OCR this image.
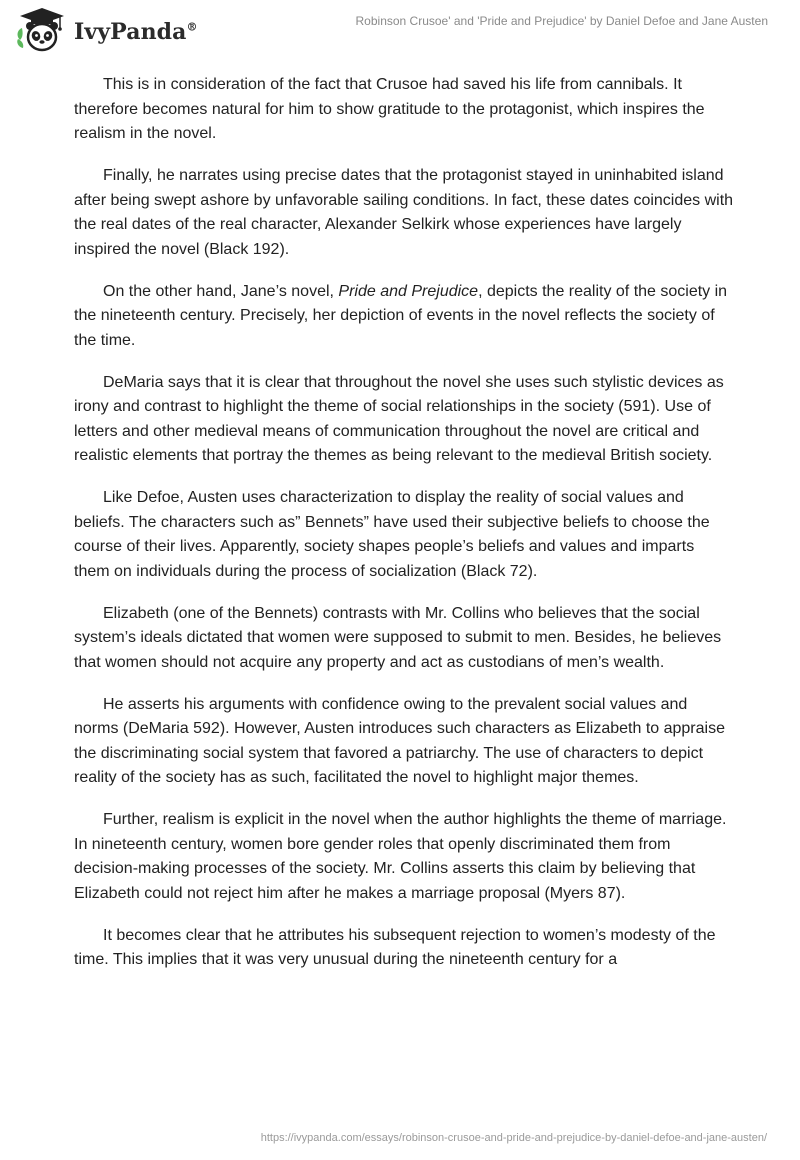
IvyPanda®	Robinson Crusoe' and 'Pride and Prejudice' by Daniel Defoe and Jane Austen

This is in consideration of the fact that Crusoe had saved his life from cannibals. It therefore becomes natural for him to show gratitude to the protagonist, which inspires the realism in the novel.

Finally, he narrates using precise dates that the protagonist stayed in uninhabited island after being swept ashore by unfavorable sailing conditions. In fact, these dates coincides with the real dates of the real character, Alexander Selkirk whose experiences have largely inspired the novel (Black 192).

On the other hand, Jane’s novel, Pride and Prejudice, depicts the reality of the society in the nineteenth century. Precisely, her depiction of events in the novel reflects the society of the time.

DeMaria says that it is clear that throughout the novel she uses such stylistic devices as irony and contrast to highlight the theme of social relationships in the society (591). Use of letters and other medieval means of communication throughout the novel are critical and realistic elements that portray the themes as being relevant to the medieval British society.

Like Defoe, Austen uses characterization to display the reality of social values and beliefs. The characters such as” Bennets” have used their subjective beliefs to choose the course of their lives. Apparently, society shapes people’s beliefs and values and imparts them on individuals during the process of socialization (Black 72).

Elizabeth (one of the Bennets) contrasts with Mr. Collins who believes that the social system’s ideals dictated that women were supposed to submit to men. Besides, he believes that women should not acquire any property and act as custodians of men’s wealth.

He asserts his arguments with confidence owing to the prevalent social values and norms (DeMaria 592). However, Austen introduces such characters as Elizabeth to appraise the discriminating social system that favored a patriarchy. The use of characters to depict reality of the society has as such, facilitated the novel to highlight major themes.

Further, realism is explicit in the novel when the author highlights the theme of marriage. In nineteenth century, women bore gender roles that openly discriminated them from decision-making processes of the society. Mr. Collins asserts this claim by believing that Elizabeth could not reject him after he makes a marriage proposal (Myers 87).

It becomes clear that he attributes his subsequent rejection to women’s modesty of the time. This implies that it was very unusual during the nineteenth century for a

https://ivypanda.com/essays/robinson-crusoe-and-pride-and-prejudice-by-daniel-defoe-and-jane-austen/
